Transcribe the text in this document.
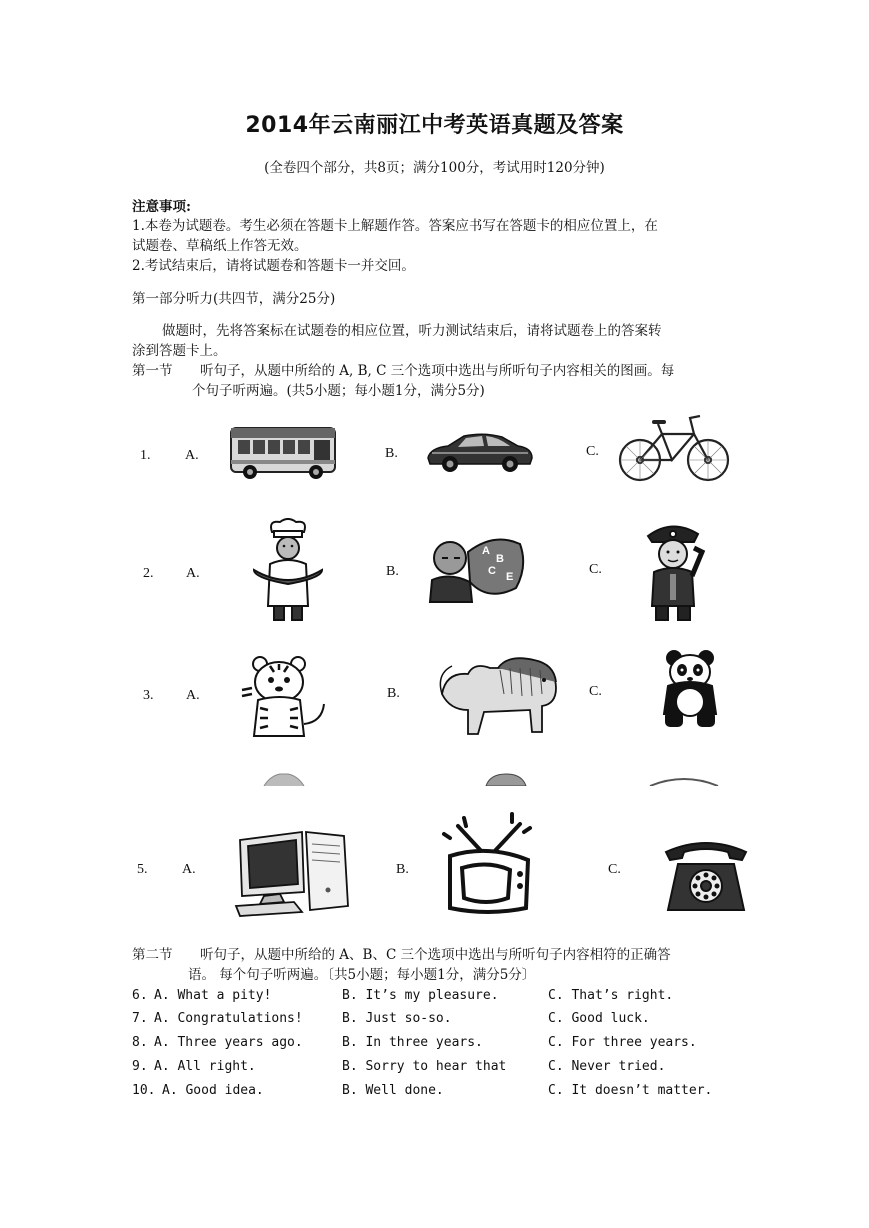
2014年云南丽江中考英语真题及答案
(全卷四个部分，共8页；满分100分，考试用时120分钟)
注意事项:
1.本卷为试题卷。考生必须在答题卡上解题作答。答案应书写在答题卡的相应位置上，在
试题卷、草稿纸上作答无效。
2.考试结束后，请将试题卷和答题卡一并交回。
第一部分听力(共四节，满分25分)
做题时，先将答案标在试题卷的相应位置，听力测试结束后，请将试题卷上的答案转
涂到答题卡上。
第一节 听句子，从题中所给的 A, B, C 三个选项中选出与所听句子内容相关的图画。每
个句子听两遍。(共5小题；每小题1分，满分5分)
1. A.	B.	C.
2. A.	B.	C.
A
B
C E
3. A.	B.	C.
5. A.	B.	C.
第二节 听句子，从题中所给的 A、B、C 三个选项中选出与所听句子内容相符的正确答
语。 每个句子听两遍。〔共5小题；每小题1分，满分5分〕
6. A. What a pity!	B. It’s my pleasure.	C. That’s right.
7. A. Congratulations!	B. Just so-so.	C. Good luck.
8. A. Three years ago.	B. In three years.	C. For three years.
9. A. All right.	B. Sorry to hear that	C. Never tried.
10. A. Good idea.	B. Well done.	C. It doesn’t matter.
